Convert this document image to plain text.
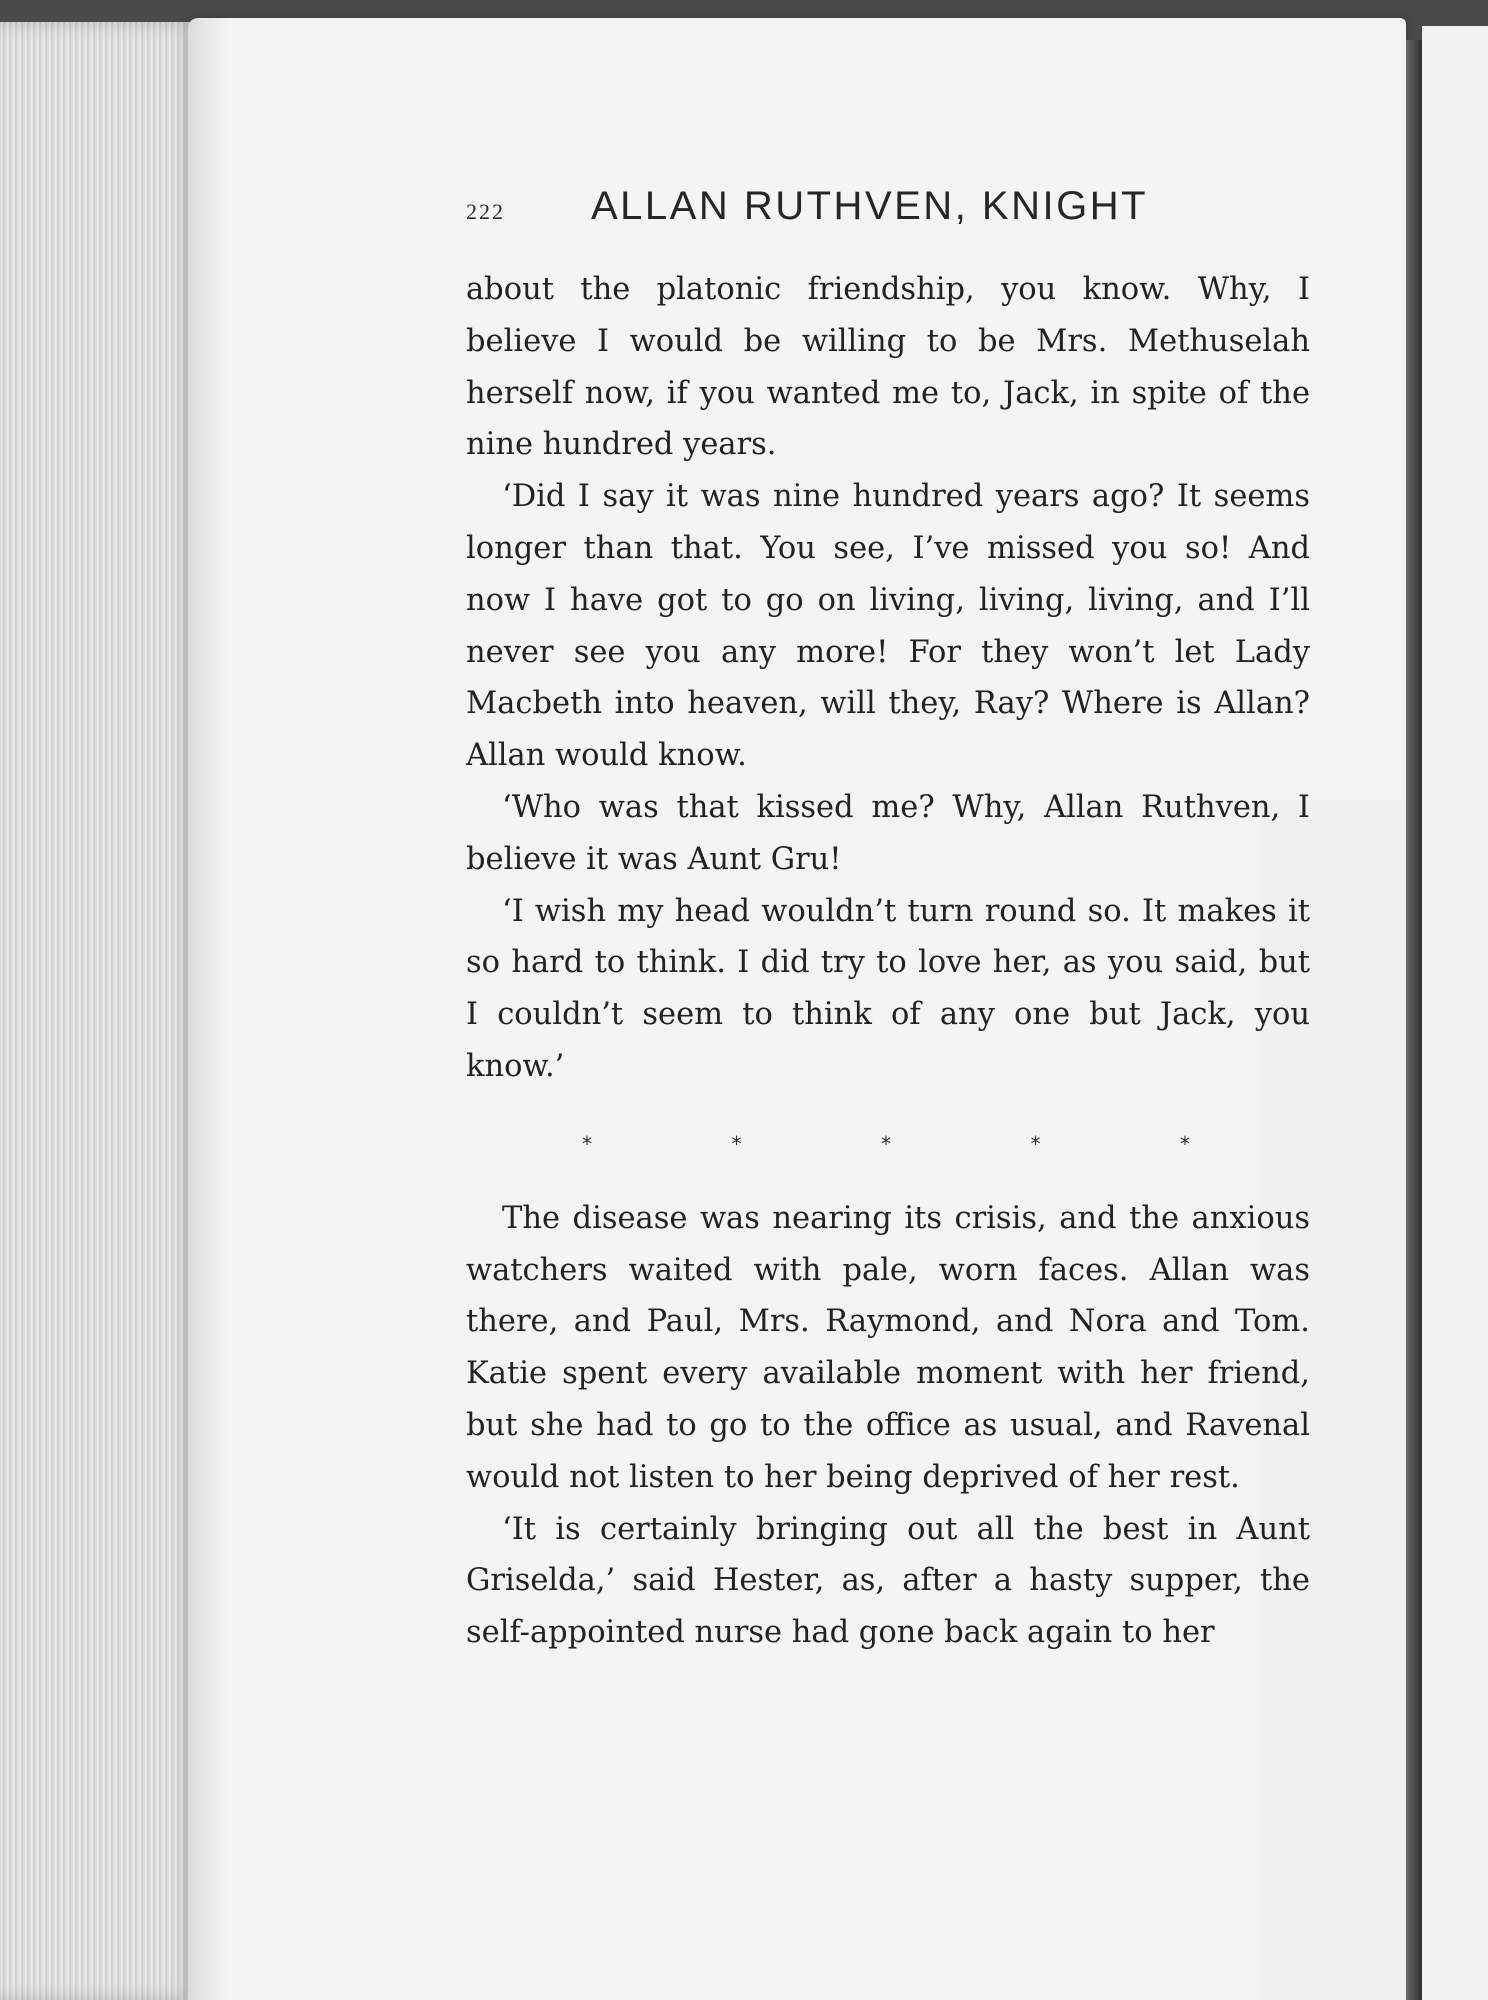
222	ALLAN RUTHVEN, KNIGHT

about the platonic friendship, you know. Why, I believe I would be willing to be Mrs. Methuselah herself now, if you wanted me to, Jack, in spite of the nine hundred years.

‘Did I say it was nine hundred years ago? It seems longer than that. You see, I’ve missed you so! And now I have got to go on living, living, living, and I’ll never see you any more! For they won’t let Lady Macbeth into heaven, will they, Ray? Where is Allan? Allan would know.

‘Who was that kissed me? Why, Allan Ruthven, I believe it was Aunt Gru!

‘I wish my head wouldn’t turn round so. It makes it so hard to think. I did try to love her, as you said, but I couldn’t seem to think of any one but Jack, you know.’

*	*	*	*	*

The disease was nearing its crisis, and the anxious watchers waited with pale, worn faces. Allan was there, and Paul, Mrs. Raymond, and Nora and Tom. Katie spent every available moment with her friend, but she had to go to the office as usual, and Ravenal would not listen to her being deprived of her rest.

‘It is certainly bringing out all the best in Aunt Griselda,’ said Hester, as, after a hasty supper, the self-appointed nurse had gone back again to her
